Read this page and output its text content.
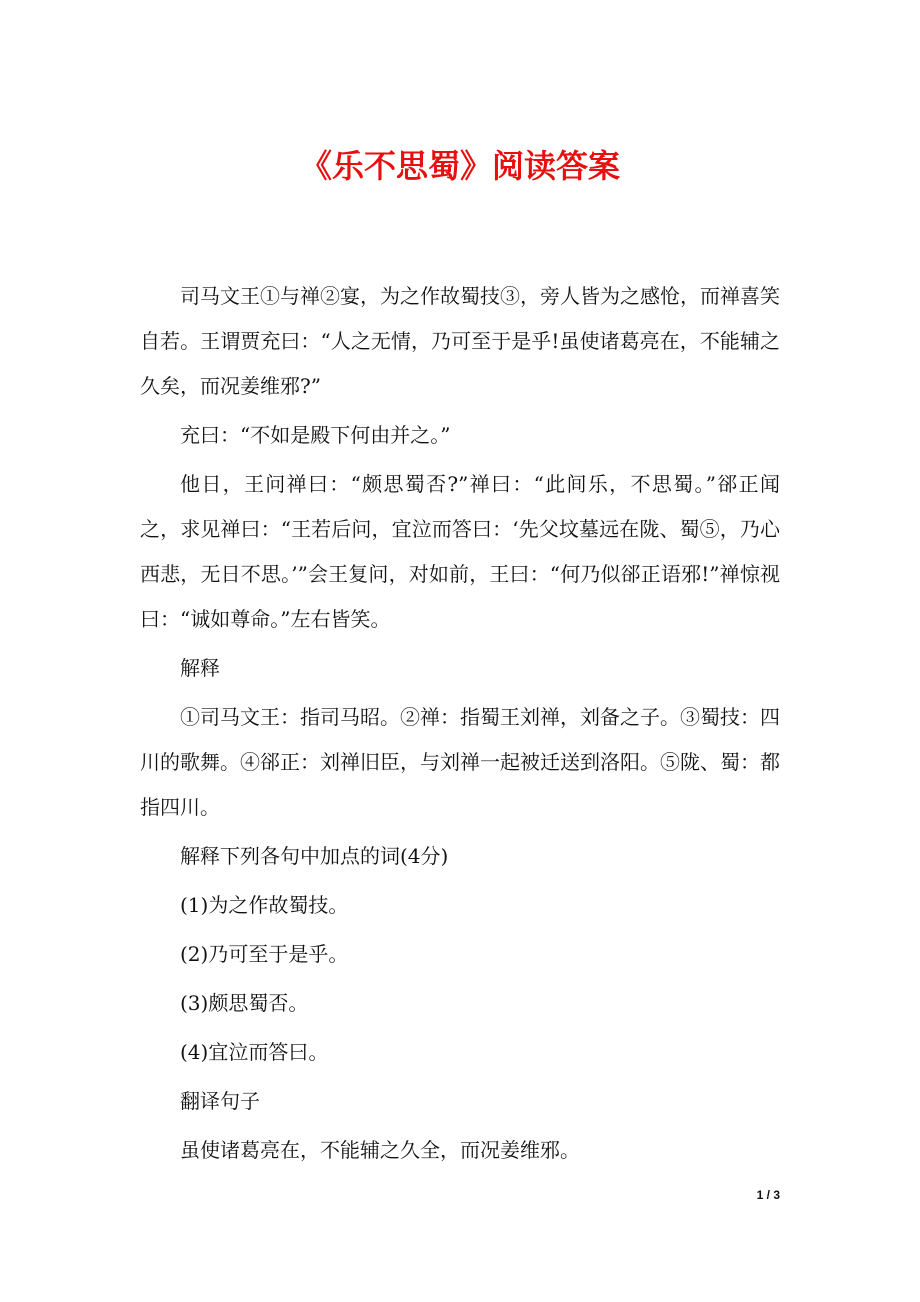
《乐不思蜀》阅读答案

司马文王①与禅②宴，为之作故蜀技③，旁人皆为之感怆，而禅喜笑自若。王谓贾充曰：“人之无情，乃可至于是乎!虽使诸葛亮在，不能辅之久矣，而况姜维邪?”

充曰：“不如是殿下何由并之。”

他日，王问禅曰：“颇思蜀否?”禅曰：“此间乐，不思蜀。”郤正闻之，求见禅曰：“王若后问，宜泣而答曰：‘先父坟墓远在陇、蜀⑤，乃心西悲，无日不思。’”会王复问，对如前，王曰：“何乃似郤正语邪!”禅惊视曰：“诚如尊命。”左右皆笑。

解释

①司马文王：指司马昭。②禅：指蜀王刘禅，刘备之子。③蜀技：四川的歌舞。④郤正：刘禅旧臣，与刘禅一起被迁送到洛阳。⑤陇、蜀：都指四川。

解释下列各句中加点的词(4分)

(1)为之作故蜀技。

(2)乃可至于是乎。

(3)颇思蜀否。

(4)宜泣而答曰。

翻译句子

虽使诸葛亮在，不能辅之久全，而况姜维邪。

1 / 3
